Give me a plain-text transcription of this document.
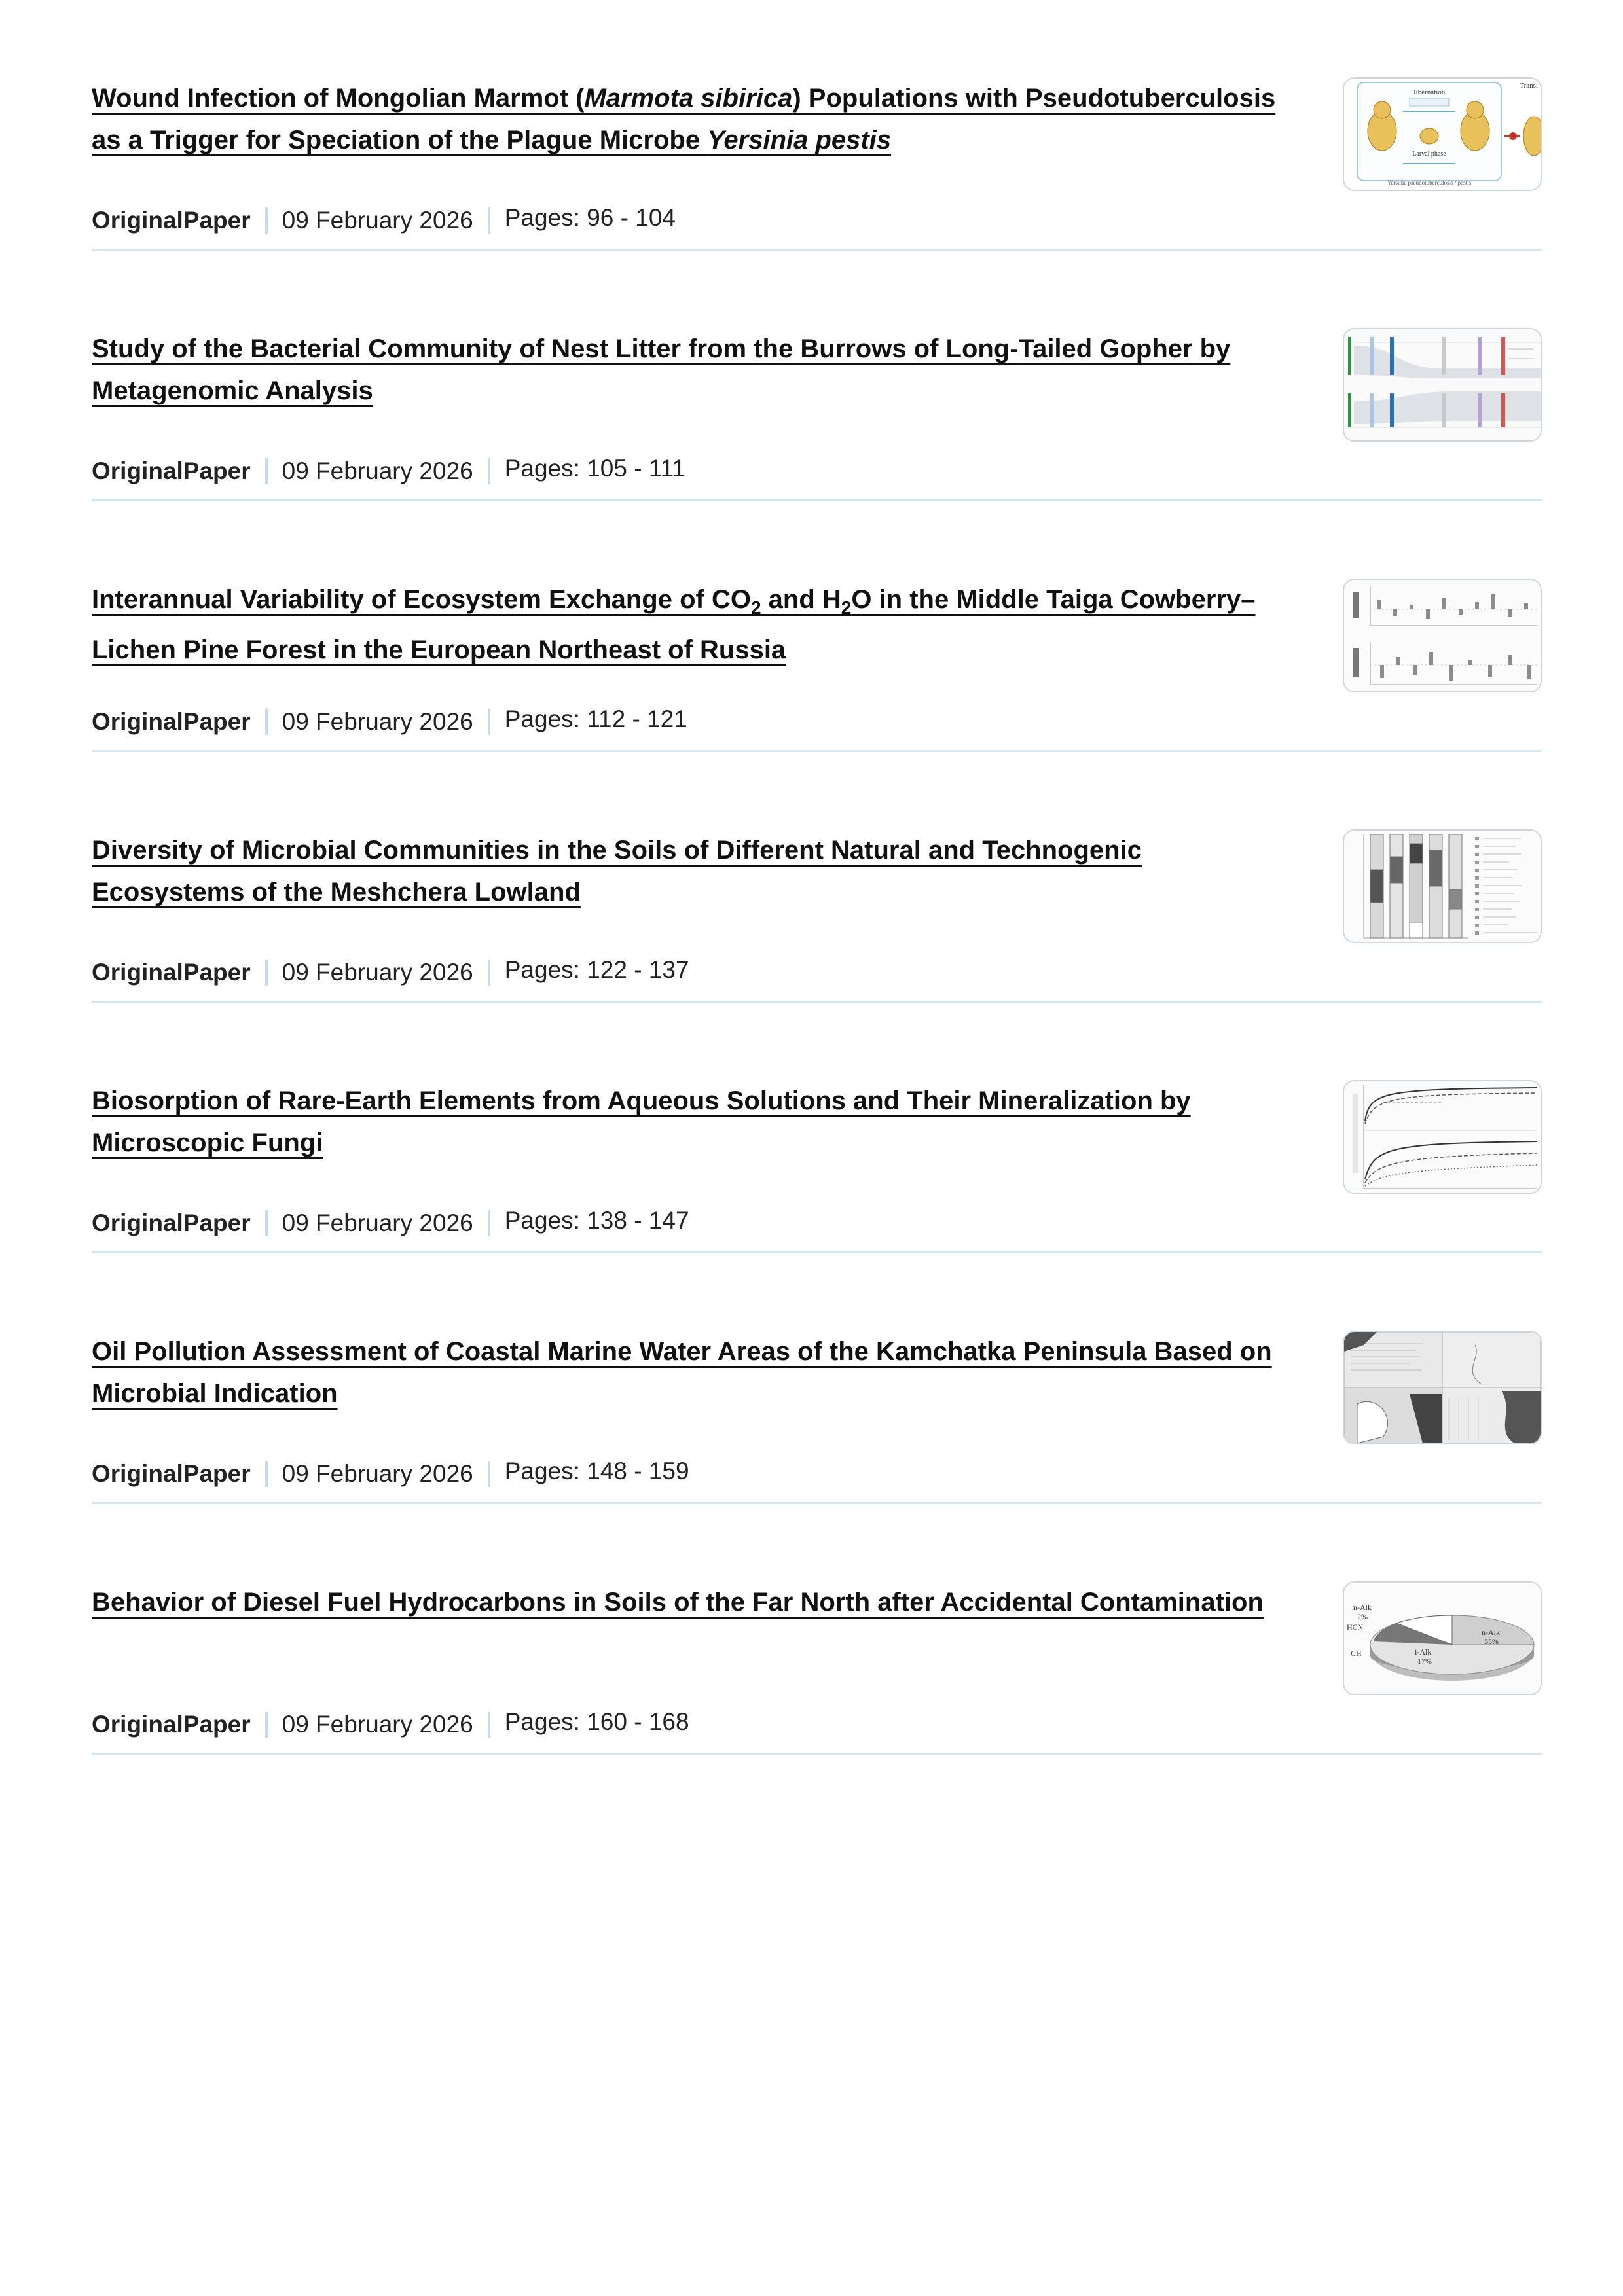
Wound Infection of Mongolian Marmot (Marmota sibirica) Populations with Pseudotuberculosis as a Trigger for Speciation of the Plague Microbe Yersinia pestis
OriginalPaper 09 February 2026 Pages: 96 - 104
Hibernation
Larval phase
Yersinia pseudotuberculosis / pestis
Transi
Study of the Bacterial Community of Nest Litter from the Burrows of Long-Tailed Gopher by Metagenomic Analysis
OriginalPaper 09 February 2026 Pages: 105 - 111
Interannual Variability of Ecosystem Exchange of $CO_2$ and $H_2O$ in the Middle Taiga Cowberry–Lichen Pine Forest in the European Northeast of Russia
OriginalPaper 09 February 2026 Pages: 112 - 121
Diversity of Microbial Communities in the Soils of Different Natural and Technogenic Ecosystems of the Meshchera Lowland
OriginalPaper 09 February 2026 Pages: 122 - 137
Biosorption of Rare-Earth Elements from Aqueous Solutions and Their Mineralization by Microscopic Fungi
OriginalPaper 09 February 2026 Pages: 138 - 147
Oil Pollution Assessment of Coastal Marine Water Areas of the Kamchatka Peninsula Based on Microbial Indication
OriginalPaper 09 February 2026 Pages: 148 - 159
Behavior of Diesel Fuel Hydrocarbons in Soils of the Far North after Accidental Contamination
OriginalPaper 09 February 2026 Pages: 160 - 168
n-Alk
2%
HCN
CH	i-Alk
17%
n-Alk
55%
